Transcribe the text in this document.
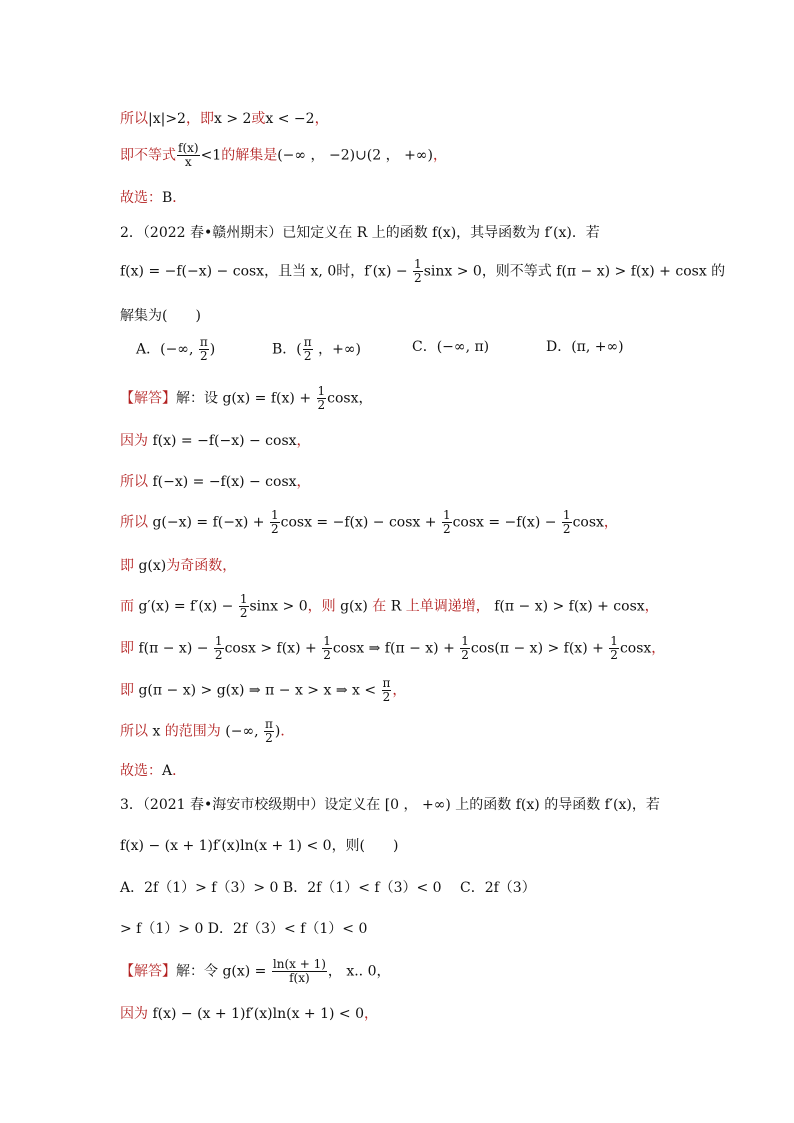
所以|x|>2，即x > 2或x < −2，
即不等式 $\frac{f(x)}{x} <1$的解集是(−∞ ， −2)∪(2 ， +∞)，
故选：B．
2．（2022 春•赣州期末）已知定义在 R 上的函数 f(x)，其导函数为 f′(x)．若
f(x) = −f(−x) − cosx，且当 x, 0时，$f'(x) - \frac{1}{2}$ sinx > 0，则不等式 f(π − x) > f(x) + cosx 的
解集为(　　)
A．(−∞, $\frac{\pi}{2}$ )	B．( $\frac{\pi}{2}$ ，+∞)	C．(−∞, π)	D．(π, +∞)
【解答】解：设 $g(x) = f(x) + \frac{1}{2}$ cosx，
因为 f(x) = −f(−x) − cosx，
所以 f(−x) = −f(x) − cosx，
所以 $g(-x) = f(-x) + \frac{1}{2}$ $\cos x = -f(x) - \cos x + \frac{1}{2}$ $\cos x = -f(x) - \frac{1}{2}$ cosx，
即 g(x)为奇函数，
而 $g'(x) = f'(x) - \frac{1}{2}$ sinx > 0，则 g(x) 在 R 上单调递增， f(π − x) > f(x) + cosx，
即 $f(\pi - x) - \frac{1}{2}$ $\cos x > f(x) + \frac{1}{2}$ cosx ⇒ $f(\pi - x) + \frac{1}{2} \cos(\pi - x) > f(x) + \frac{1}{2}$ cosx，
即 g(π − x) > g(x) ⇒ π − x > x ⇒ $x < \frac{\pi}{2}$ ，
所以 x 的范围为 (−∞, $\frac{\pi}{2}$ )．
故选：A．
3．（2021 春•海安市校级期中）设定义在 [0 ， +∞) 上的函数 f(x) 的导函数 f′(x)，若
f(x) − (x + 1)f′(x)ln(x + 1) < 0，则(　　)
A．2f（1）> f（3）> 0 B．2f（1）< f（3）< 0　 C．2f（3）
> f（1）> 0 D．2f（3）< f（1）< 0
【解答】解：令 $g(x) = \frac{\ln(x + 1)}{f(x)}$ ， x.. 0，
因为 f(x) − (x + 1)f′(x)ln(x + 1) < 0，
